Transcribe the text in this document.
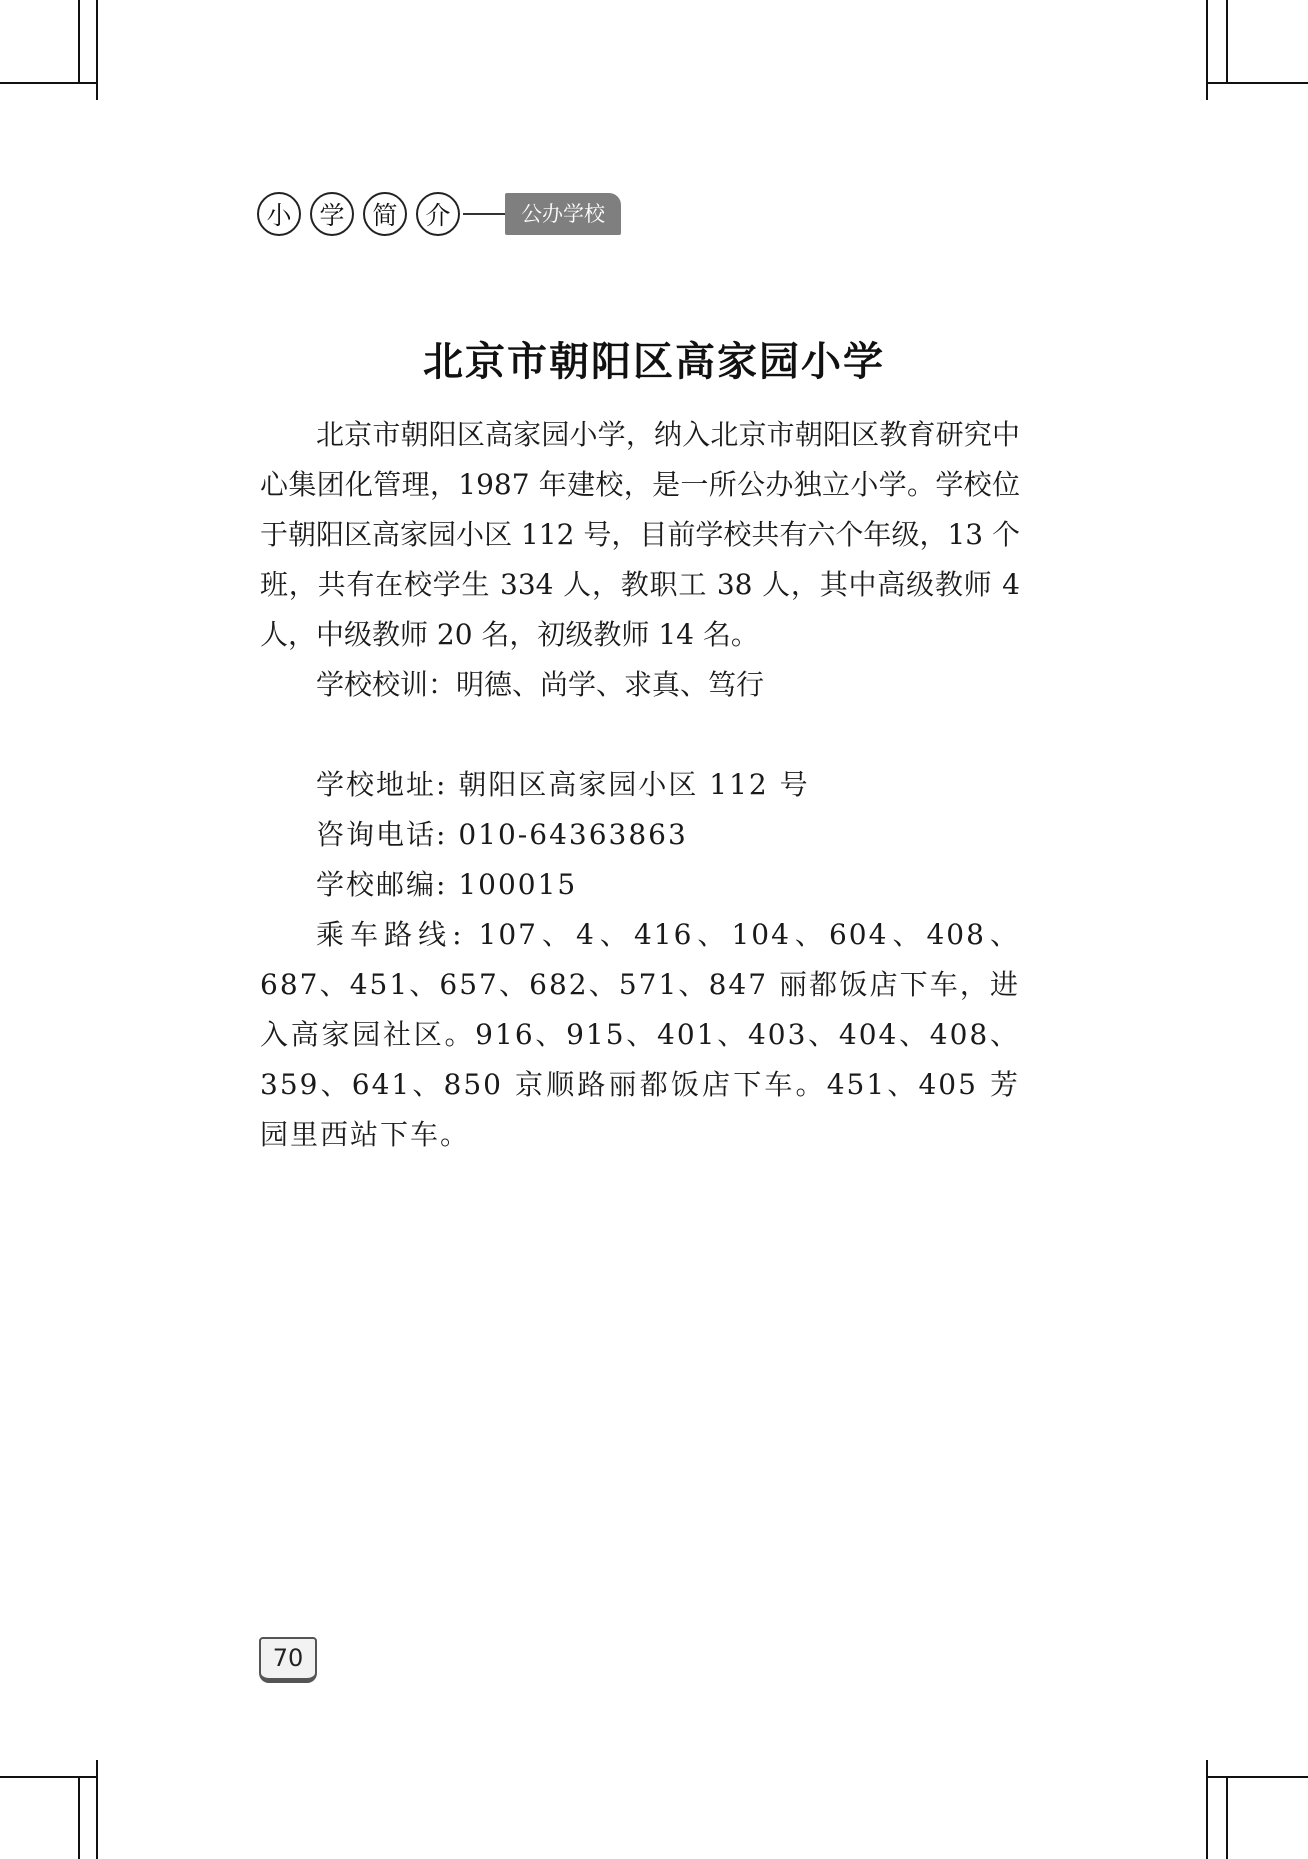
小	学	简	介	公办学校
北京市朝阳区高家园小学

北京市朝阳区高家园小学，纳入北京市朝阳区教育研究中心集团化管理，1987 年建校，是一所公办独立小学。学校位于朝阳区高家园小区 112 号，目前学校共有六个年级，13 个班，共有在校学生 334 人，教职工 38 人，其中高级教师 4 人，中级教师 20 名，初级教师 14 名。

学校校训：明德、尚学、求真、笃行

学校地址: 朝阳区高家园小区 112 号

咨询电话: 010-64363863

学校邮编: 100015

乘车路线: 107、4、416、104、604、408、687、451、657、682、571、847 丽都饭店下车，进入高家园社区。916、915、401、403、404、408、359、641、850 京顺路丽都饭店下车。451、405 芳园里西站下车。

70
